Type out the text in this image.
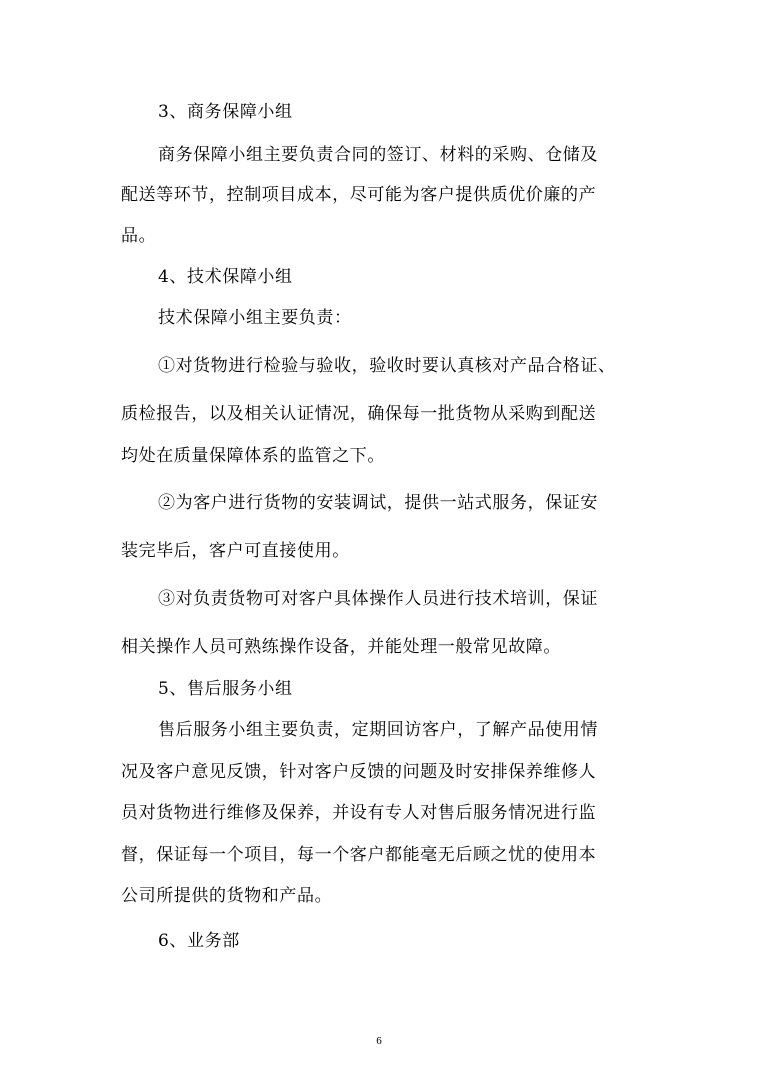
3、商务保障小组
商务保障小组主要负责合同的签订、材料的采购、仓储及
配送等环节，控制项目成本，尽可能为客户提供质优价廉的产
品。
4、技术保障小组
技术保障小组主要负责：
①对货物进行检验与验收，验收时要认真核对产品合格证、
质检报告，以及相关认证情况，确保每一批货物从采购到配送
均处在质量保障体系的监管之下。
②为客户进行货物的安装调试，提供一站式服务，保证安
装完毕后，客户可直接使用。
③对负责货物可对客户具体操作人员进行技术培训，保证
相关操作人员可熟练操作设备，并能处理一般常见故障。
5、售后服务小组
售后服务小组主要负责，定期回访客户，了解产品使用情
况及客户意见反馈，针对客户反馈的问题及时安排保养维修人
员对货物进行维修及保养，并设有专人对售后服务情况进行监
督，保证每一个项目，每一个客户都能毫无后顾之忧的使用本
公司所提供的货物和产品。
6、业务部
6
